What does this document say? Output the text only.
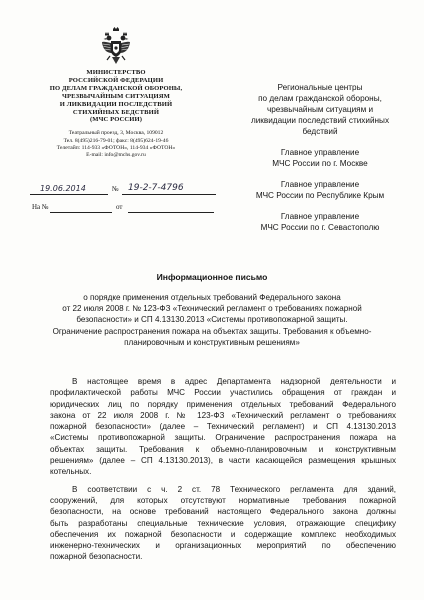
МИНИСТЕРСТВО
РОССИЙСКОЙ ФЕДЕРАЦИИ
ПО ДЕЛАМ ГРАЖДАНСКОЙ ОБОРОНЫ,
ЧРЕЗВЫЧАЙНЫМ СИТУАЦИЯМ
И ЛИКВИДАЦИИ ПОСЛЕДСТВИЙ
СТИХИЙНЫХ БЕДСТВИЙ
(МЧС РОССИИ)
Театральный проезд, 3, Москва, 109012
Тел. 8(495)216-79-01; факс: 8(495)624-19-46
Телетайп: 114-933 «ФОТОН», 114-934 «ФОТОН»
E-mail: info@mchs.gov.ru
19.06.2014	№ 19-2-7-4796
На №	от
Региональные центры
по делам гражданской обороны,
чрезвычайным ситуациям и
ликвидации последствий стихийных
бедствий
Главное управление
МЧС России по г. Москве
Главное управление
МЧС России по Республике Крым
Главное управление
МЧС России по г. Севастополю
Информационное письмо
о порядке применения отдельных требований Федерального закона
от 22 июля 2008 г. № 123-ФЗ «Технический регламент о требованиях пожарной
безопасности» и СП 4.13130.2013 «Системы противопожарной защиты.
Ограничение распространения пожара на объектах защиты. Требования к объемно-
планировочным и конструктивным решениям»
В настоящее время в адрес Департамента надзорной деятельности и
профилактической работы МЧС России участились обращения от граждан и
юридических лиц по порядку применения отдельных требований Федерального
закона от 22 июля 2008 г. № 123-ФЗ «Технический регламент о требованиях
пожарной безопасности» (далее – Технический регламент) и СП 4.13130.2013
«Системы противопожарной защиты. Ограничение распространения пожара на
объектах защиты. Требования к объемно-планировочным и конструктивным
решениям» (далее – СП 4.13130.2013), в части касающейся размещения крышных
котельных.
В соответствии с ч. 2 ст. 78 Технического регламента для зданий,
сооружений, для которых отсутствуют нормативные требования пожарной
безопасности, на основе требований настоящего Федерального закона должны
быть разработаны специальные технические условия, отражающие специфику
обеспечения их пожарной безопасности и содержащие комплекс необходимых
инженерно-технических и организационных мероприятий по обеспечению
пожарной безопасности.
